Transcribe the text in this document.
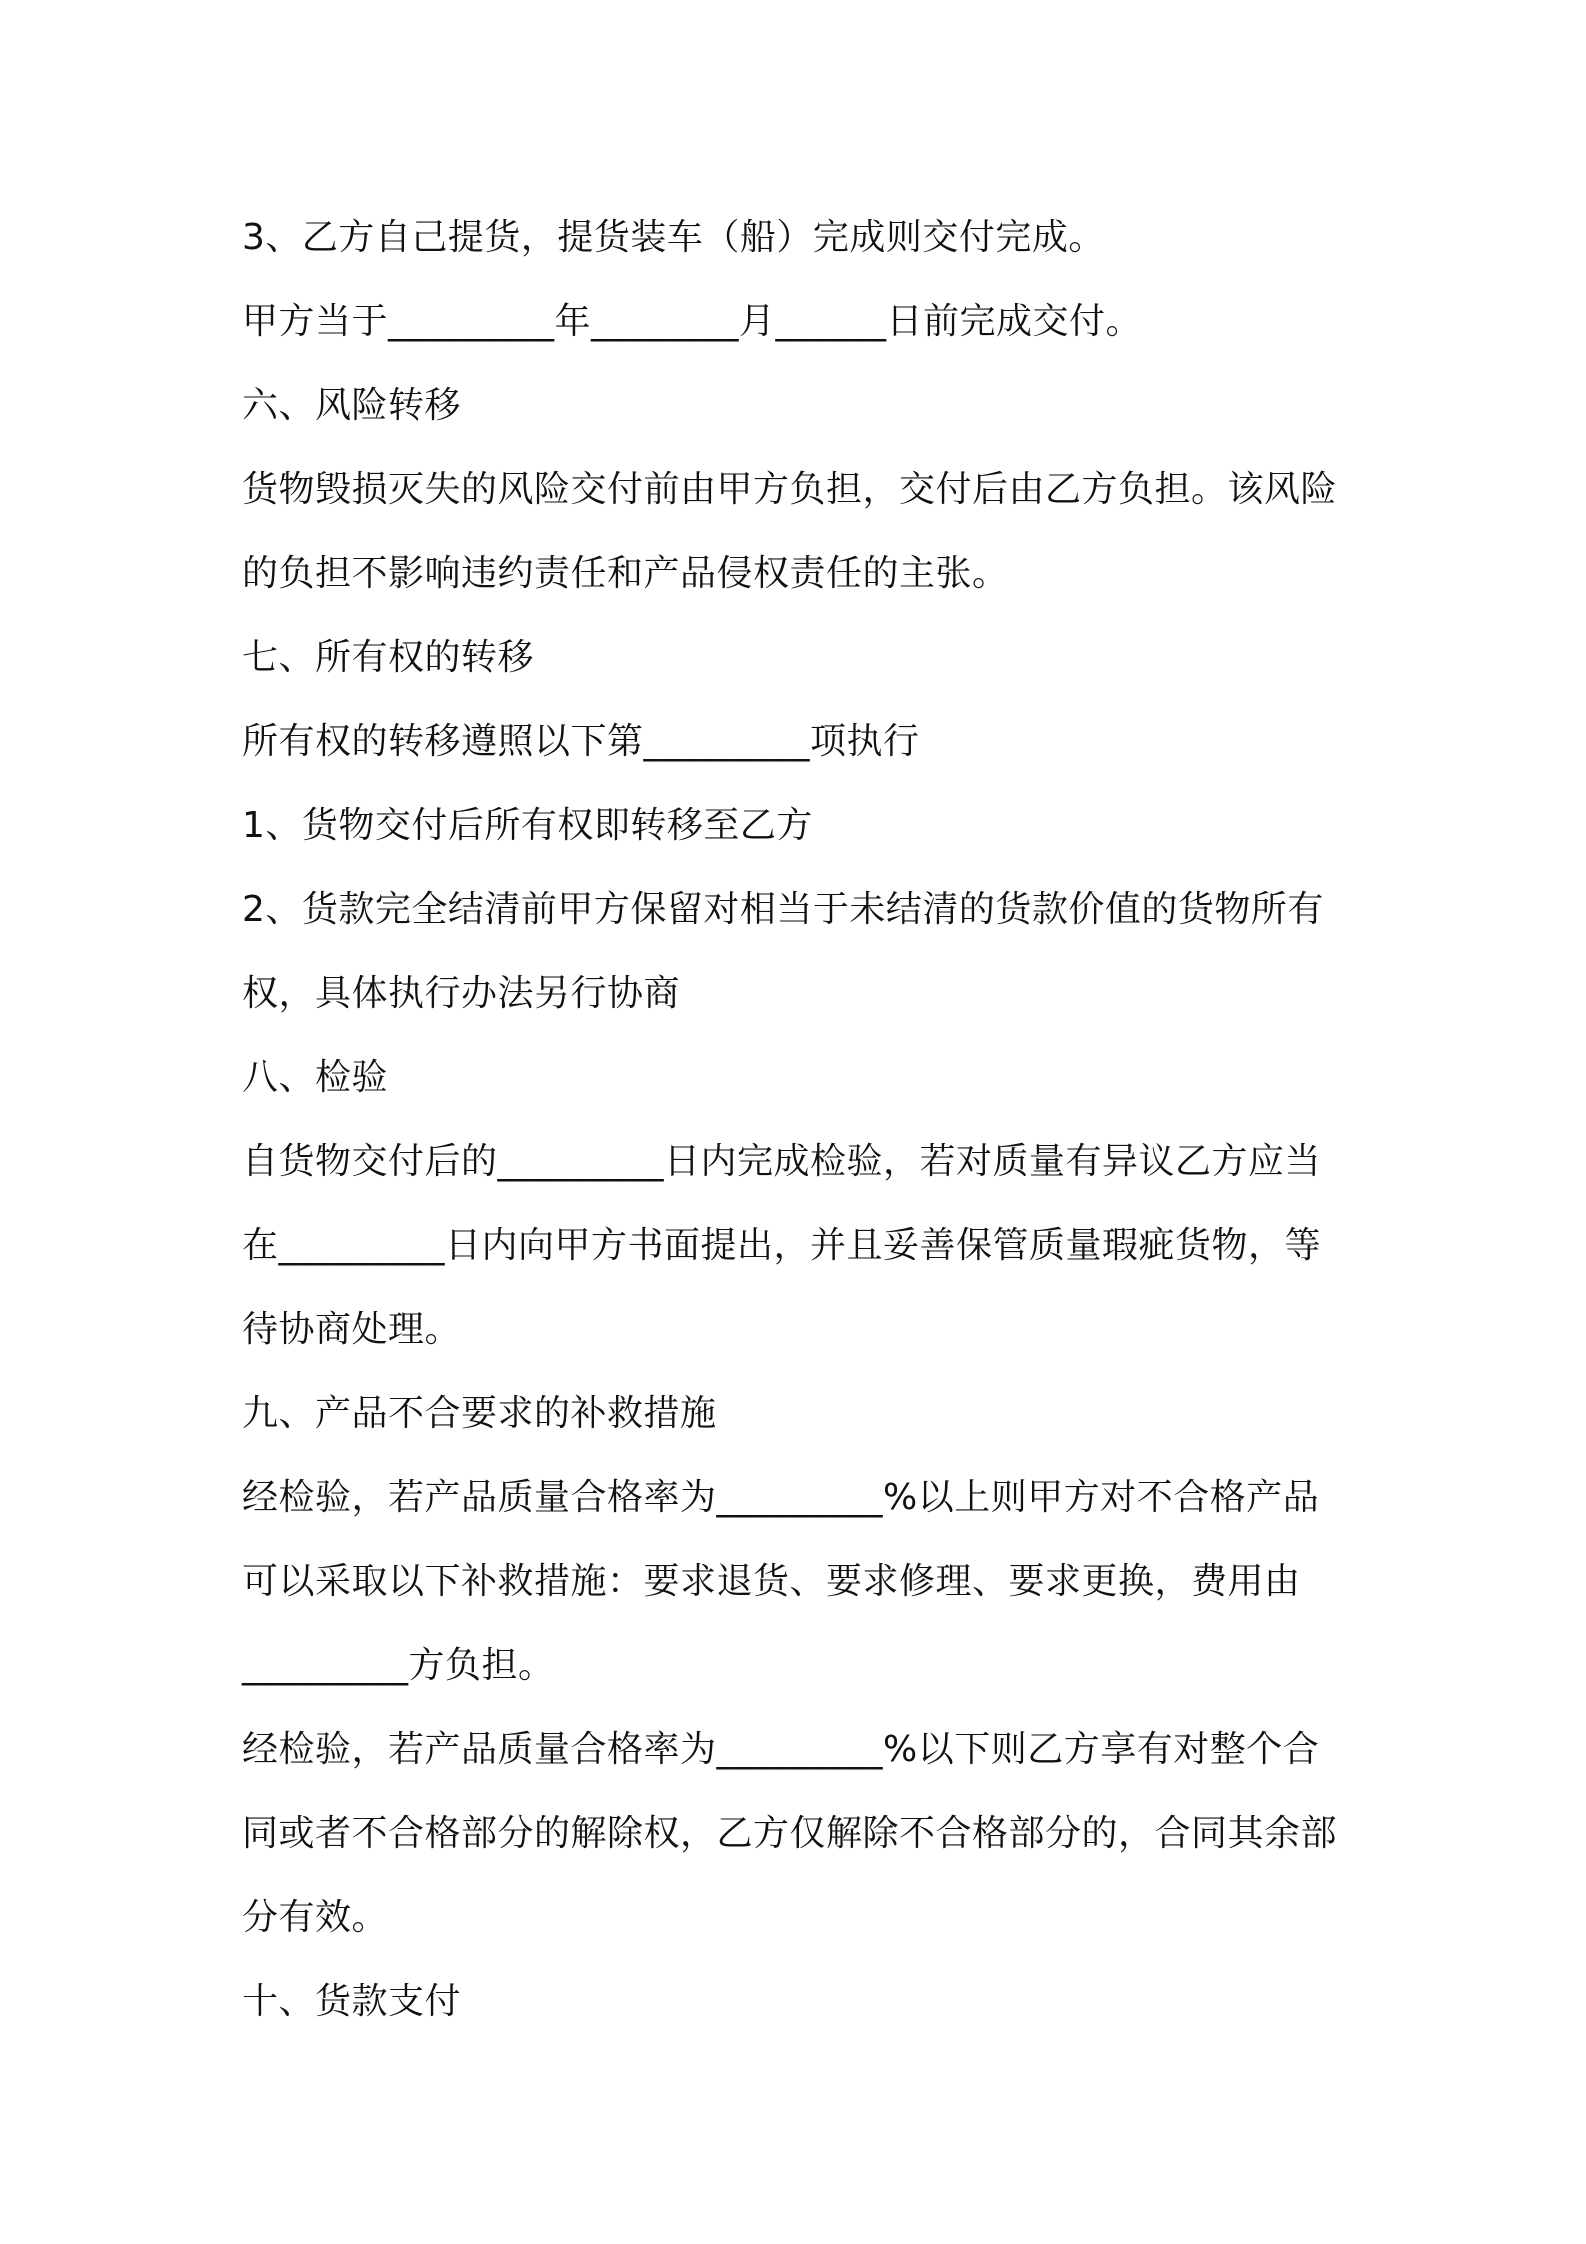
3、乙方自己提货，提货装车（船）完成则交付完成。

甲方当于_________年________月______日前完成交付。

六、风险转移

货物毁损灭失的风险交付前由甲方负担，交付后由乙方负担。该风险

的负担不影响违约责任和产品侵权责任的主张。

七、所有权的转移

所有权的转移遵照以下第_________项执行

1、货物交付后所有权即转移至乙方

2、货款完全结清前甲方保留对相当于未结清的货款价值的货物所有

权，具体执行办法另行协商

八、检验

自货物交付后的_________日内完成检验，若对质量有异议乙方应当

在_________日内向甲方书面提出，并且妥善保管质量瑕疵货物，等

待协商处理。

九、产品不合要求的补救措施

经检验，若产品质量合格率为_________%以上则甲方对不合格产品

可以采取以下补救措施：要求退货、要求修理、要求更换，费用由

_________方负担。

经检验，若产品质量合格率为_________%以下则乙方享有对整个合

同或者不合格部分的解除权，乙方仅解除不合格部分的，合同其余部

分有效。

十、货款支付
